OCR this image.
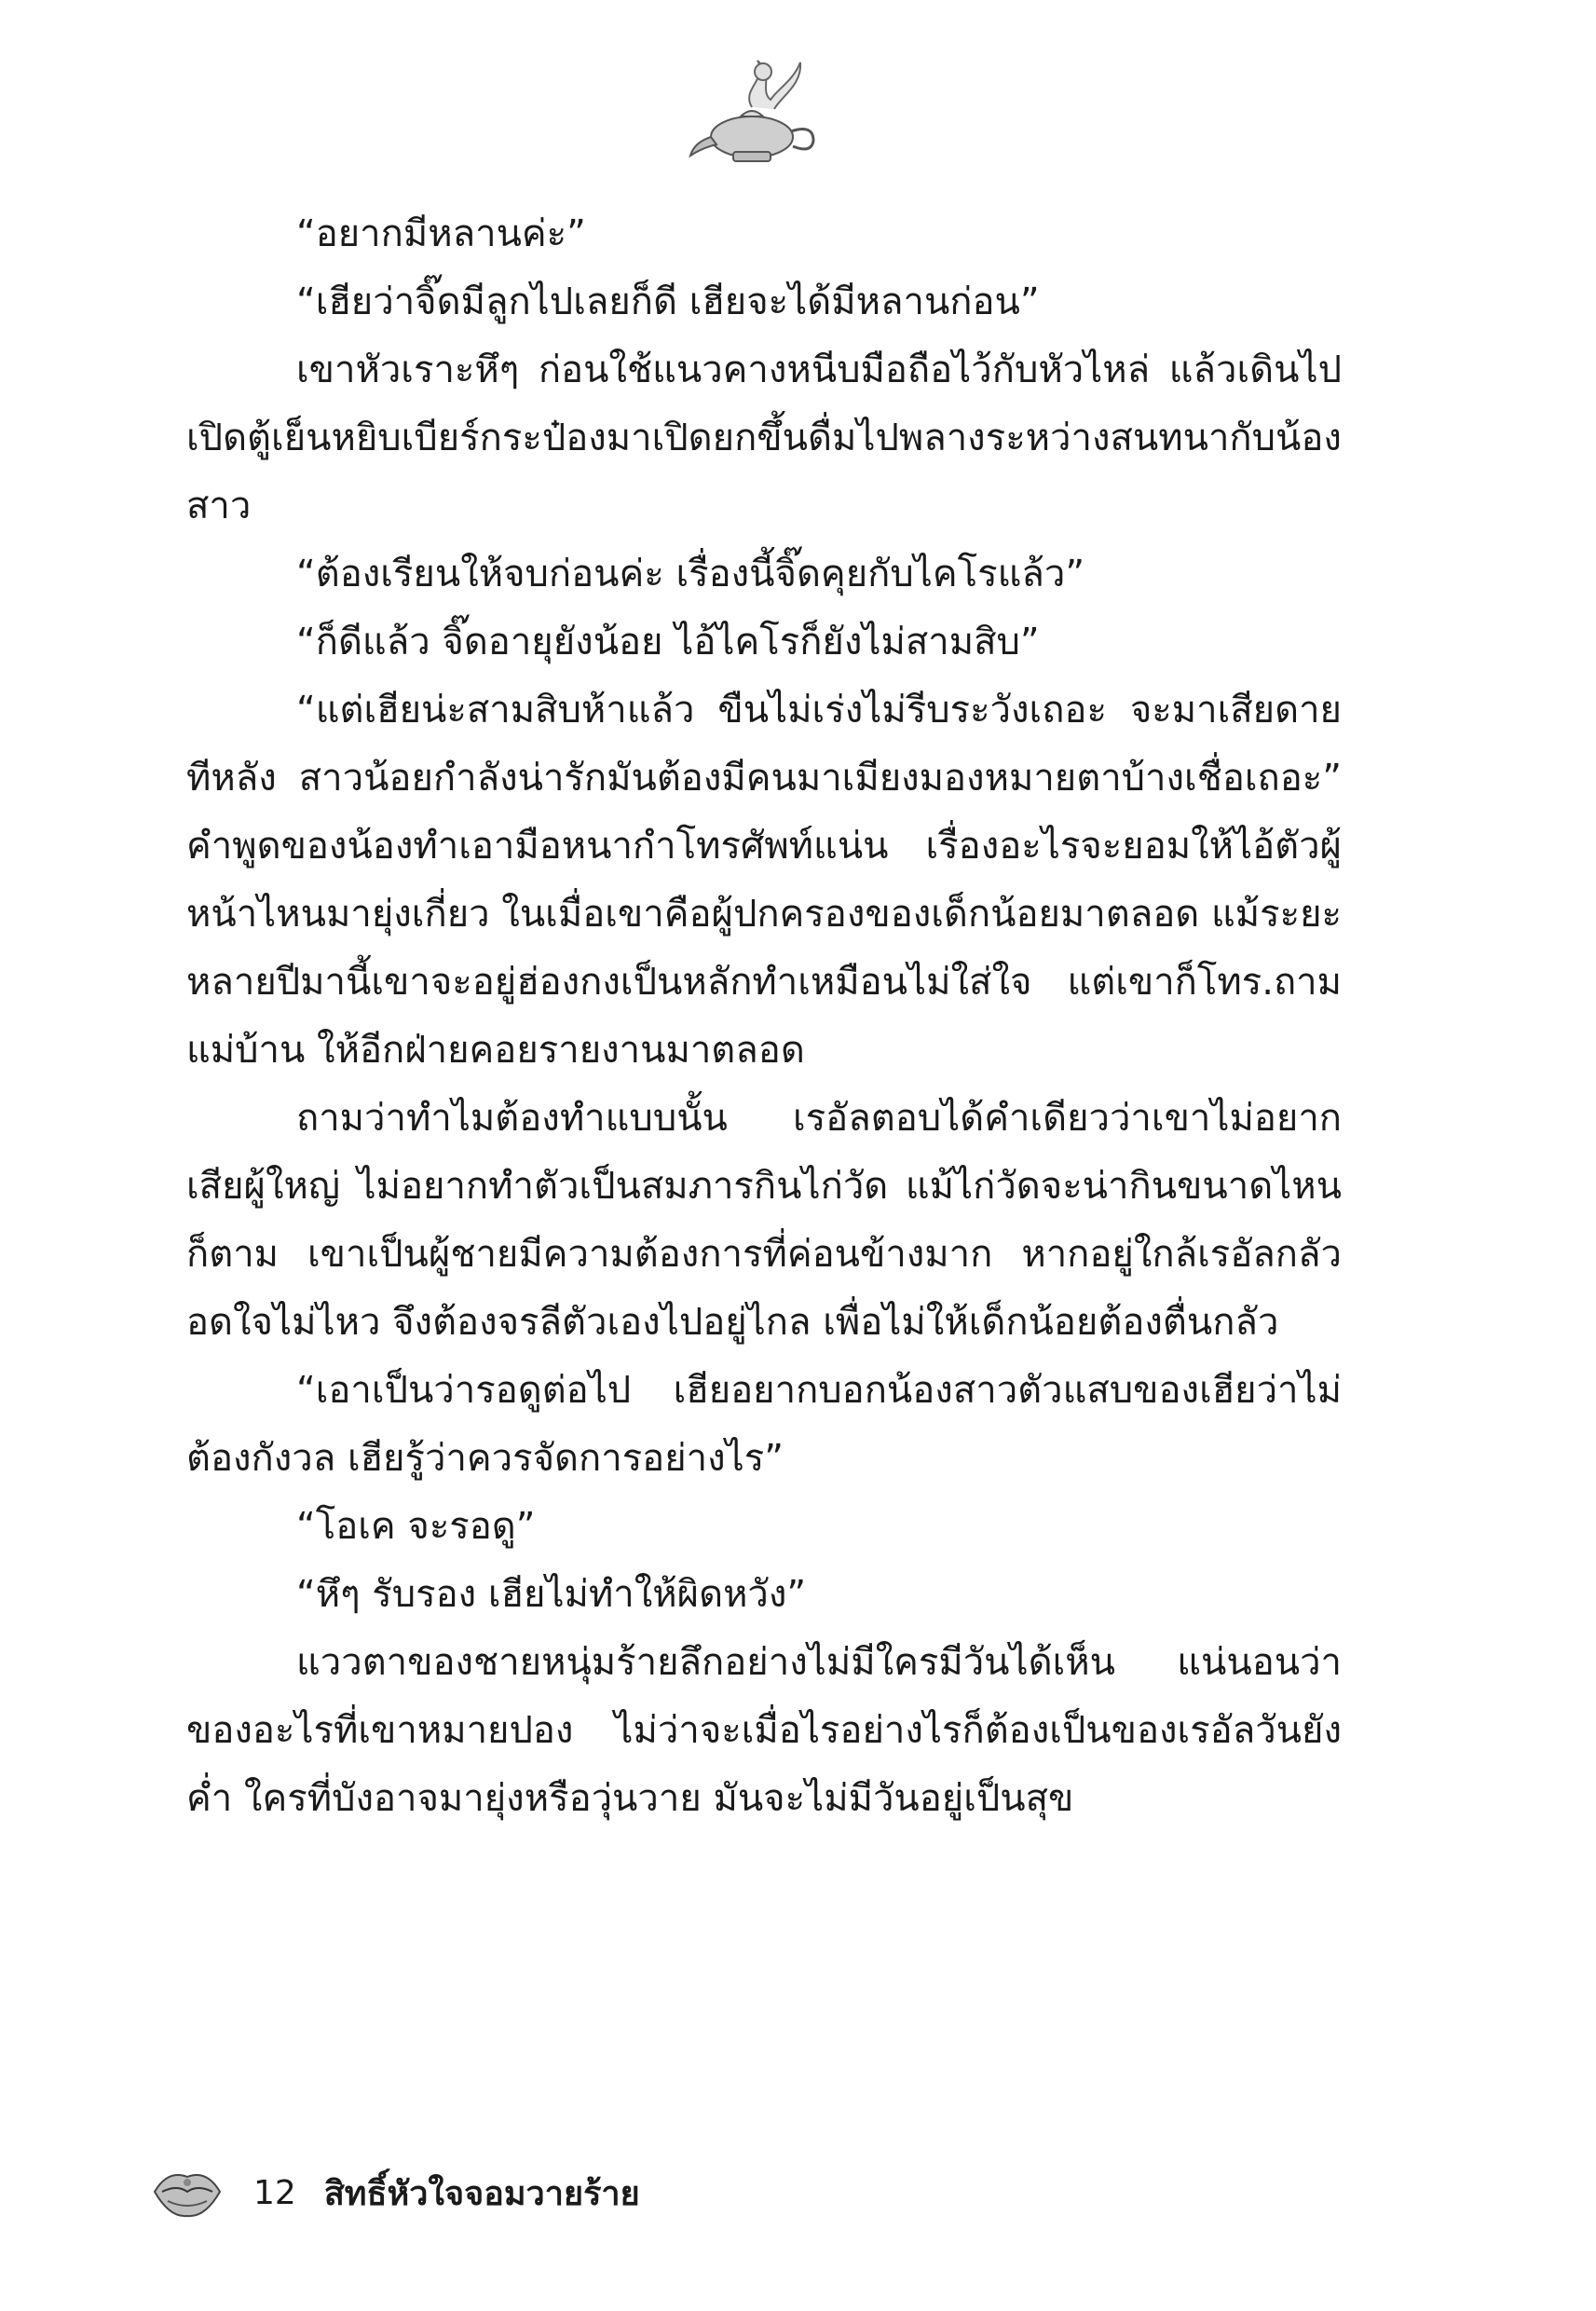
“อยากมีหลานค่ะ”

“เฮียว่าจิ๊ดมีลูกไปเลยก็ดี เฮียจะได้มีหลานก่อน”

เขาหัวเราะหึๆ ก่อนใช้แนวคางหนีบมือถือไว้กับหัวไหล่ แล้วเดินไปเปิดตู้เย็นหยิบเบียร์กระป๋องมาเปิดยกขึ้นดื่มไปพลางระหว่างสนทนากับน้องสาว

“ต้องเรียนให้จบก่อนค่ะ เรื่องนี้จิ๊ดคุยกับไคโรแล้ว”

“ก็ดีแล้ว จิ๊ดอายุยังน้อย ไอ้ไคโรก็ยังไม่สามสิบ”

“แต่เฮียน่ะสามสิบห้าแล้ว ขืนไม่เร่งไม่รีบระวังเถอะ จะมาเสียดายทีหลัง สาวน้อยกำลังน่ารักมันต้องมีคนมาเมียงมองหมายตาบ้างเชื่อเถอะ” คำพูดของน้องทำเอามือหนากำโทรศัพท์แน่น เรื่องอะไรจะยอมให้ไอ้ตัวผู้หน้าไหนมายุ่งเกี่ยว ในเมื่อเขาคือผู้ปกครองของเด็กน้อยมาตลอด แม้ระยะหลายปีมานี้เขาจะอยู่ฮ่องกงเป็นหลักทำเหมือนไม่ใส่ใจ แต่เขาก็โทร.ถามแม่บ้าน ให้อีกฝ่ายคอยรายงานมาตลอด

ถามว่าทำไมต้องทำแบบนั้น เรอัลตอบได้คำเดียวว่าเขาไม่อยากเสียผู้ใหญ่ ไม่อยากทำตัวเป็นสมภารกินไก่วัด แม้ไก่วัดจะน่ากินขนาดไหนก็ตาม เขาเป็นผู้ชายมีความต้องการที่ค่อนข้างมาก หากอยู่ใกล้เรอัลกลัวอดใจไม่ไหว จึงต้องจรลีตัวเองไปอยู่ไกล เพื่อไม่ให้เด็กน้อยต้องตื่นกลัว

“เอาเป็นว่ารอดูต่อไป เฮียอยากบอกน้องสาวตัวแสบของเฮียว่าไม่ต้องกังวล เฮียรู้ว่าควรจัดการอย่างไร”

“โอเค จะรอดู”

“หึๆ รับรอง เฮียไม่ทำให้ผิดหวัง”

แววตาของชายหนุ่มร้ายลึกอย่างไม่มีใครมีวันได้เห็น แน่นอนว่าของอะไรที่เขาหมายปอง ไม่ว่าจะเมื่อไรอย่างไรก็ต้องเป็นของเรอัลวันยังค่ำ ใครที่บังอาจมายุ่งหรือวุ่นวาย มันจะไม่มีวันอยู่เป็นสุข

12 สิทธิ์หัวใจจอมวายร้าย
